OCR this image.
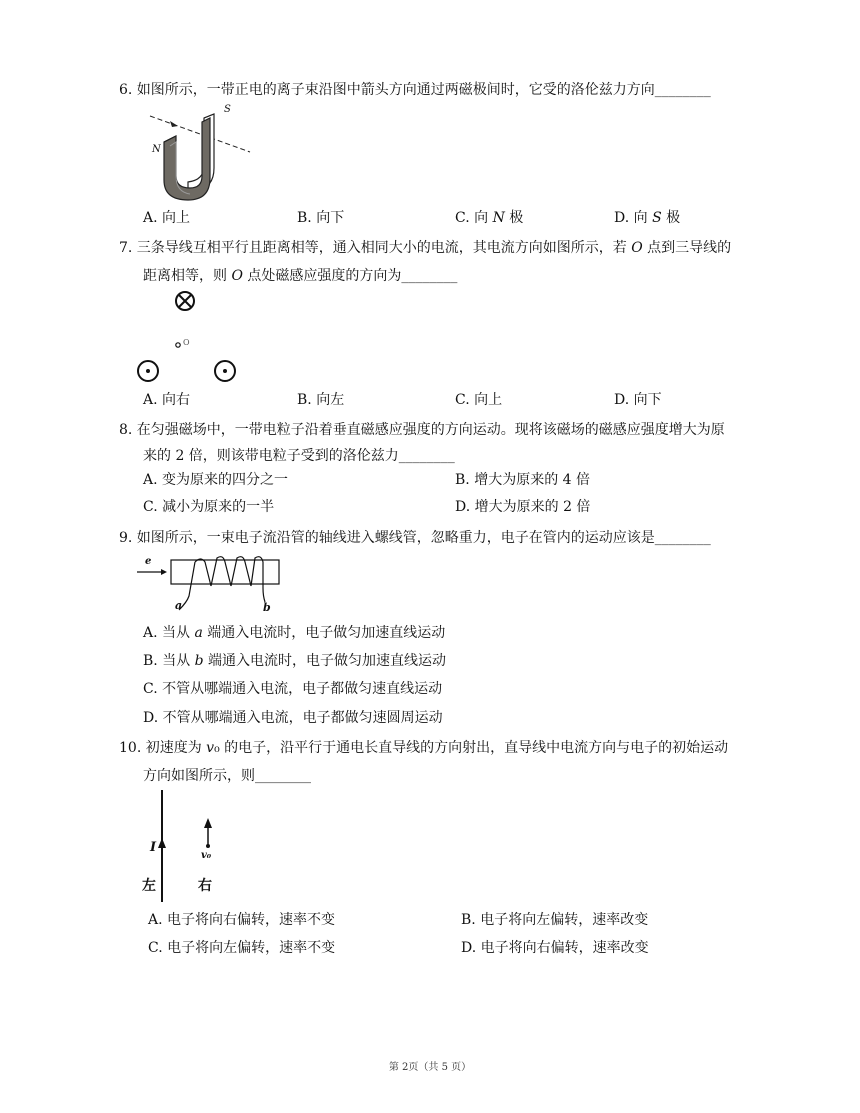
6. 如图所示，一带正电的离子束沿图中箭头方向通过两磁极间时，它受的洛伦兹力方向________
N
S
A. 向上	B. 向下	C. 向 𝑁 极	D. 向 𝑆 极
7. 三条导线互相平行且距离相等，通入相同大小的电流，其电流方向如图所示，若 𝑂 点到三导线的
距离相等，则 𝑂 点处磁感应强度的方向为________
O
A. 向右	B. 向左	C. 向上	D. 向下
8. 在匀强磁场中，一带电粒子沿着垂直磁感应强度的方向运动。现将该磁场的磁感应强度增大为原
来的 2 倍，则该带电粒子受到的洛伦兹力________
A. 变为原来的四分之一	B. 增大为原来的 4 倍
C. 减小为原来的一半	D. 增大为原来的 2 倍
9. 如图所示，一束电子流沿管的轴线进入螺线管，忽略重力，电子在管内的运动应该是________
e
a	b
A. 当从 𝑎 端通入电流时，电子做匀加速直线运动
B. 当从 𝑏 端通入电流时，电子做匀加速直线运动
C. 不管从哪端通入电流，电子都做匀速直线运动
D. 不管从哪端通入电流，电子都做匀速圆周运动
10. 初速度为 𝑣₀ 的电子，沿平行于通电长直导线的方向射出，直导线中电流方向与电子的初始运动
方向如图所示，则________
I
v₀
左	右
A. 电子将向右偏转，速率不变	B. 电子将向左偏转，速率改变
C. 电子将向左偏转，速率不变	D. 电子将向右偏转，速率改变
第 2页（共 5 页）
